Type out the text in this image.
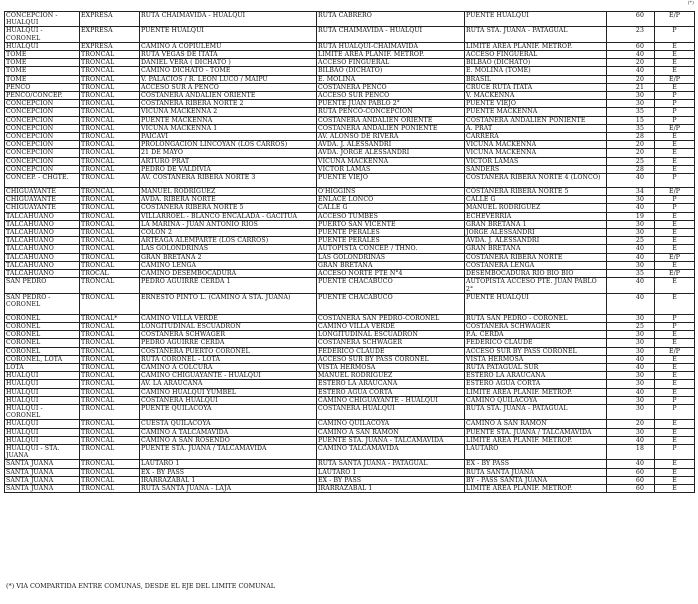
(*)
CONCEPCION - HUALQUI	EXPRESA	RUTA CHAIMAVIDA - HUALQUI	RUTA CABRERO	PUENTE HUALQUI	60	E/P
HUALQUI - CORONEL	EXPRESA	PUENTE HUALQUI	RUTA CHAIMAVIDA - HUALQUI	RUTA STA. JUANA - PATAGUAL	23	P
HUALQUI	EXPRESA	CAMINO A COPIULEMU	RUTA HUALQUI-CHAIMAVIDA	LIMITE AREA PLANIF. METROP.	60	E
TOME	TRONCAL	RUTA VEGAS DE ITATA	LIMITE AREA PLANIF. METROP.	ACCESO FINGUERAL	40	E
TOME	TRONCAL	DANIEL VERA ( DICHATO )	ACCESO FINGUERAL	BILBAO (DICHATO)	20	E
TOME	TRONCAL	CAMINO DICHATO - TOME	BILBAO (DICHATO)	E. MOLINA (TOME)	40	E
TOME	TRONCAL	V. PALACIOS / R. LEON LUCO / MAIPU	E. MOLINA	BRASIL	20	E/P
PENCO	TRONCAL	ACCESO SUR A PENCO	COSTANERA PENCO	CRUCE RUTA ITATA	21	E
PENCO/CONCEP.	TRONCAL	COSTANERA ANDALIEN ORIENTE	ACCESO SUR PENCO	V. MACKENNA	30	P
CONCEPCION	TRONCAL	COSTANERA RIBERA NORTE 2	PUENTE JUAN PABLO 2°	PUENTE VIEJO	30	P
CONCEPCION	TRONCAL	VICUÑA MACKENNA 2	RUTA PENCO-CONCEPCION	PUENTE MACKENNA	35	P
CONCEPCION	TRONCAL	PUENTE MACKENNA	COSTANERA ANDALIEN ORIENTE	COSTANERA ANDALIEN PONIENTE	15	P
CONCEPCION	TRONCAL	VICUÑA MACKENNA 1	COSTANERA ANDALIEN PONIENTE	A. PRAT	35	E/P
CONCEPCION	TRONCAL	PAICAVI	AV. ALONSO DE RIVERA	CARRERA	28	E
CONCEPCION	TRONCAL	PROLONGACION LINCOYAN (LOS CARROS)	AVDA. J. ALESSANDRI	VICUÑA MACKENNA	20	E
CONCEPCION	TRONCAL	21 DE MAYO	AVDA. JORGE ALESSANDRI	VICUÑA MACKENNA	20	E
CONCEPCION	TRONCAL	ARTURO PRAT	VICUÑA MACKENNA	VICTOR LAMAS	25	E
CONCEPCION	TRONCAL	PEDRO DE VALDIVIA	VICTOR LAMAS	SANDERS	28	E
CONCEP. - CHGTE.	TRONCAL	AV. COSTANERA RIBERA NORTE 3	PUENTE VIEJO	COSTANERA RIBERA NORTE 4 (LONCO)	40	P
CHIGUAYANTE	TRONCAL	MANUEL RODRIGUEZ	O'HIGGINS	COSTANERA RIBERA NORTE 5	34	E/P
CHIGUAYANTE	TRONCAL	AVDA. RIBERA NORTE	ENLACE LONCO	CALLE G	30	P
CHIGUAYANTE	TRONCAL	COSTANERA RIBERA NORTE 5	CALLE G	MANUEL RODRIGUEZ	40	P
TALCAHUANO	TRONCAL	VILLARROEL - BLANCO ENCALADA - GACITUA	ACCESO TUMBES	ECHEVERRIA	19	E
TALCAHUANO	TRONCAL	LA MARINA - JUAN ANTONIO RIOS	PUERTO SAN VICENTE	GRAN BRETAÑA 1	30	E
TALCAHUANO	TRONCAL	COLON 2	PUENTE PERALES	JORGE ALESSANDRI	30	E
TALCAHUANO	TRONCAL	ARTEAGA ALEMPARTE (LOS CARROS)	PUENTE PERALES	AVDA. J. ALESSANDRI	25	E
TALCAHUANO	TRONCAL	LAS GOLONDRINAS	AUTOPISTA CONCEP. / THNO.	GRAN BRETAÑA	40	E
TALCAHUANO	TRONCAL	GRAN BRETAÑA 2	LAS GOLONDRINAS	COSTANERA RIBERA NORTE	40	E/P
TALCAHUANO	TRONCAL	CAMINO LENGA	GRAN BRETAÑA	COSTANERA LENGA	30	E
TALCAHUANO	TROCAL	CAMINO DESEMBOCADURA	ACCESO NORTE PTE N°4	DESEMBOCADURA RIO BIO BIO	35	E/P
SAN PEDRO	TRONCAL	PEDRO AGUIRRE CERDA 1	PUENTE CHACABUCO	AUTOPISTA ACCESO PTE. JUAN PABLO 2°	40	E
SAN PEDRO - CORONEL	TRONCAL	ERNESTO PINTO L. (CAMINO A STA. JUANA)	PUENTE CHACABUCO	PUENTE HUALQUI	40	E
CORONEL	TRONCAL*	CAMINO VILLA VERDE	COSTANERA SAN PEDRO-CORONEL	RUTA SAN PEDRO - CORONEL	30	P
CORONEL	TRONCAL	LONGITUDINAL ESCUADRON	CAMINO VILLA VERDE	COSTANERA SCHWAGER	25	P
CORONEL	TRONCAL	COSTANERA SCHWAGER	LONGITUDINAL ESCUADRON	P.A. CERDA	30	E
CORONEL	TRONCAL	PEDRO AGUIRRE CERDA	COSTANERA SCHWAGER	FEDERICO CLAUDE	30	E
CORONEL	TRONCAL	COSTANERA PUERTO CORONEL	FEDERICO CLAUDE	ACCESO SUR BY PASS CORONEL	30	E/P
CORONEL, LOTA	TRONCAL	RUTA CORONEL - LOTA	ACCESO SUR BY PASS CORONEL	VISTA HERMOSA	40	E
LOTA	TRONCAL	CAMINO A COLCURA	VISTA HERMOSA	RUTA PATAGUAL SUR	40	E
HUALQUI	TRONCAL	CAMINO CHIGUAYANTE - HUALQUI	MANUEL RODRIGUEZ	ESTERO LA ARAUCANA	30	E
HUALQUI	TRONCAL	AV. LA ARAUCANA	ESTERO LA ARAUCANA	ESTERO AGUA CORTA	30	E
HUALQUI	TRONCAL	CAMINO HUALQUI YUMBEL	ESTERO AGUA CORTA	LIMITE AREA PLANIF. METROP.	40	E
HUALQUI	TRONCAL	COSTANERA HUALQUI	CAMINO CHIGUAYANTE - HUALQUI	CAMINO QUILACOYA	30	P
HUALQUI - CORONEL	TRONCAL	PUENTE QUILACOYA	COSTANERA HUALQUI	RUTA STA. JUANA - PATAGUAL	30	P
HUALQUI	TRONCAL	CUESTA QUILACOYA	CAMINO QUILACOYA	CAMINO A SAN RAMON	20	E
HUALQUI	TRONCAL	CAMINO A TALCAMAVIDA	CAMINO A SAN RAMON	PUENTE STA. JUANA / TALCAMAVIDA	30	E
HUALQUI	TRONCAL	CAMINO A SAN ROSENDO	PUENTE STA. JUANA - TALCAMAVIDA	LIMITE AREA PLANIF. METROP.	40	E
HUALQUI - STA. JUANA	TRONCAL	PUENTE STA. JUANA / TALCAMAVIDA	CAMINO TALCAMAVIDA	LAUTARO	18	P
SANTA JUANA	TRONCAL	LAUTARO 1	RUTA SANTA JUANA - PATAGUAL	EX - BY PASS	40	E
SANTA JUANA	TRONCAL	EX - BY PASS	LAUTARO 1	RUTA SANTA JUANA	60	E
SANTA JUANA	TRONCAL	IRARRAZABAL 1	EX - BY PASS	BY - PASS SANTA JUANA	60	E
SANTA JUANA	TRONCAL	RUTA SANTA JUANA - LAJA	IRARRAZABAL 1	LIMITE AREA PLANIF. METROP.	60	E
(*) VIA COMPARTIDA ENTRE COMUNAS, DESDE EL EJE DEL LIMITE COMUNAL
